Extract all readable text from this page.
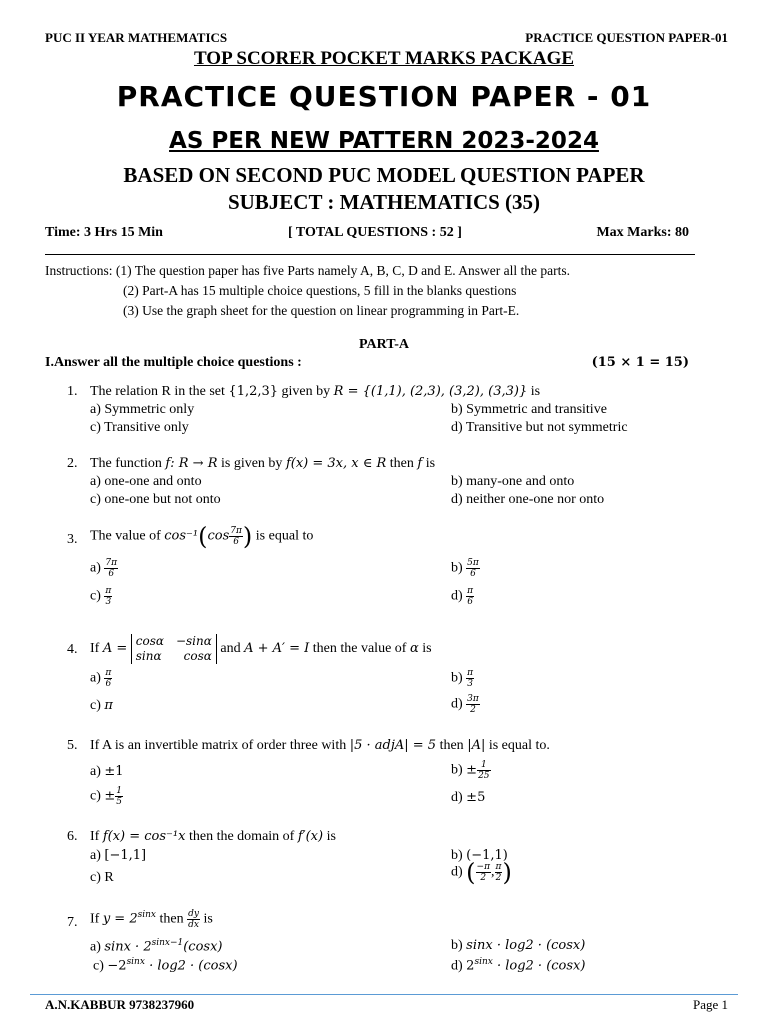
PUC II YEAR MATHEMATICS	PRACTICE QUESTION PAPER-01
TOP SCORER POCKET MARKS PACKAGE
PRACTICE QUESTION PAPER - 01
AS PER NEW PATTERN 2023-2024
BASED ON SECOND PUC MODEL QUESTION PAPER
SUBJECT : MATHEMATICS (35)
Time: 3 Hrs 15 Min	[ TOTAL QUESTIONS : 52 ]	Max Marks: 80
Instructions: (1) The question paper has five Parts namely A, B, C, D and E. Answer all the parts.
(2) Part-A has 15 multiple choice questions, 5 fill in the blanks questions
(3) Use the graph sheet for the question on linear programming in Part-E.
PART-A
I.Answer all the multiple choice questions :	(15 × 1 = 15)
1. The relation R in the set {1,2,3} given by R = {(1,1), (2,3), (3,2), (3,3)} is
a) Symmetric only	b) Symmetric and transitive
c) Transitive only	d) Transitive but not symmetric
2. The function f: R → R is given by f(x) = 3x, x ∈ R then f is
a) one-one and onto	b) many-one and onto
c) one-one but not onto	d) neither one-one nor onto
3. The value of $\cos^{-1}(\cos \frac{7\pi}{6}$ ) is equal to
$a) \frac{7\pi}{6}$	$b) \frac{5\pi}{6}$
$c) \frac{\pi}{3}$	$d) \frac{\pi}{6}$
4. If A =
cosα −sinα
sinα cosα and A + A′ = I then the value of α is
$a) \frac{\pi}{6}$	$b) \frac{\pi}{3}$
c) π	$d) \frac{3\pi}{2}$
5. If A is an invertible matrix of order three with |5 · adjA| = 5 then |A| is equal to.
a) ±1	$b) \pm \frac{1}{25}$
$c) \pm \frac{1}{5}$	d) ±5
6. If f(x) = cos⁻¹x then the domain of f′(x) is
a) [−1,1]	b) (−1,1)
c) R	d) ( $\frac{-\pi}{2}$ , $\frac{\pi}{2}$ )
7. If $y = 2^{sinx}$ then $\frac{dy}{dx}$ is
a) $\sin x \cdot 2^{sinx-1}(\cos x)$	b) sinx · log2 · (cosx)
$c) -2^{sinx} \cdot \log 2 \cdot (\cos x)$	d) $2^{sinx} \cdot \log 2 \cdot (\cos x)$
A.N.KABBUR 9738237960	Page 1
